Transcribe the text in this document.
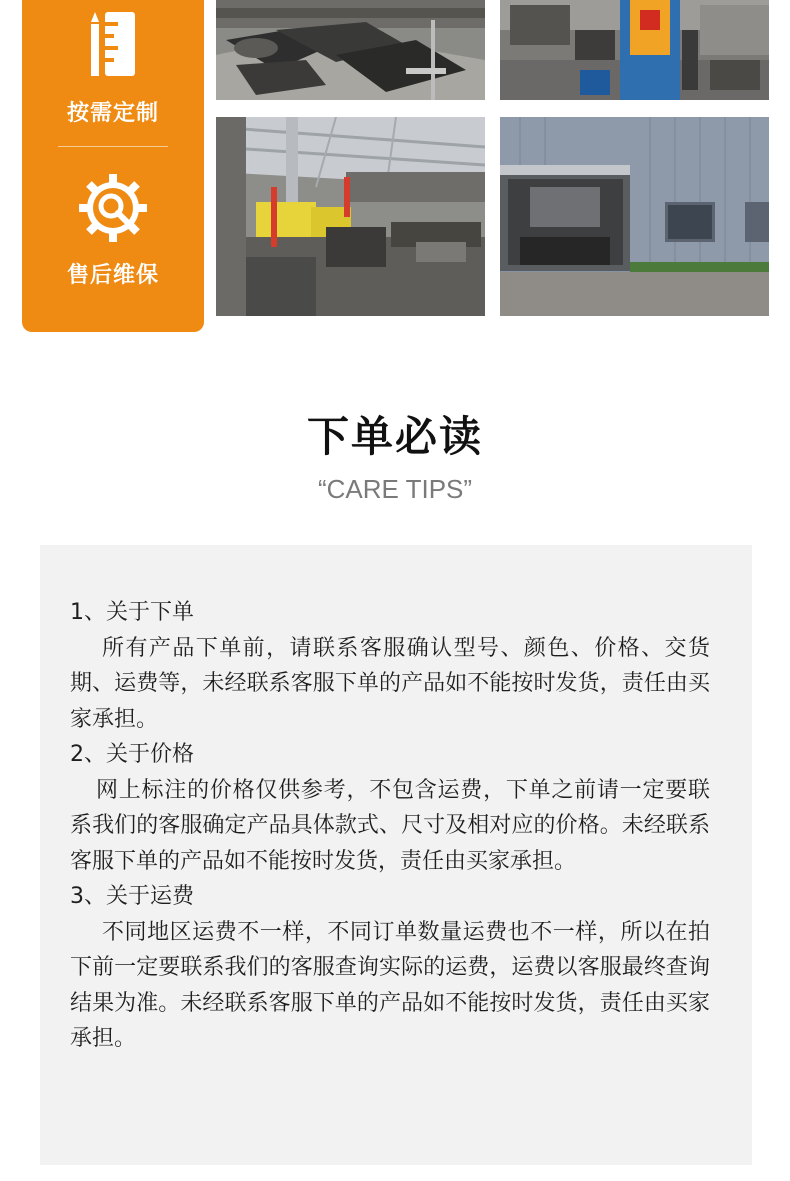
按需定制
售后维保
下单必读
“CARE TIPS”
1、关于下单
所有产品下单前，请联系客服确认型号、颜色、价格、交货期、运费等，未经联系客服下单的产品如不能按时发货，责任由买家承担。
2、关于价格
网上标注的价格仅供参考，不包含运费，下单之前请一定要联系我们的客服确定产品具体款式、尺寸及相对应的价格。未经联系客服下单的产品如不能按时发货，责任由买家承担。
3、关于运费
不同地区运费不一样，不同订单数量运费也不一样，所以在拍下前一定要联系我们的客服查询实际的运费，运费以客服最终查询结果为准。未经联系客服下单的产品如不能按时发货，责任由买家承担。
